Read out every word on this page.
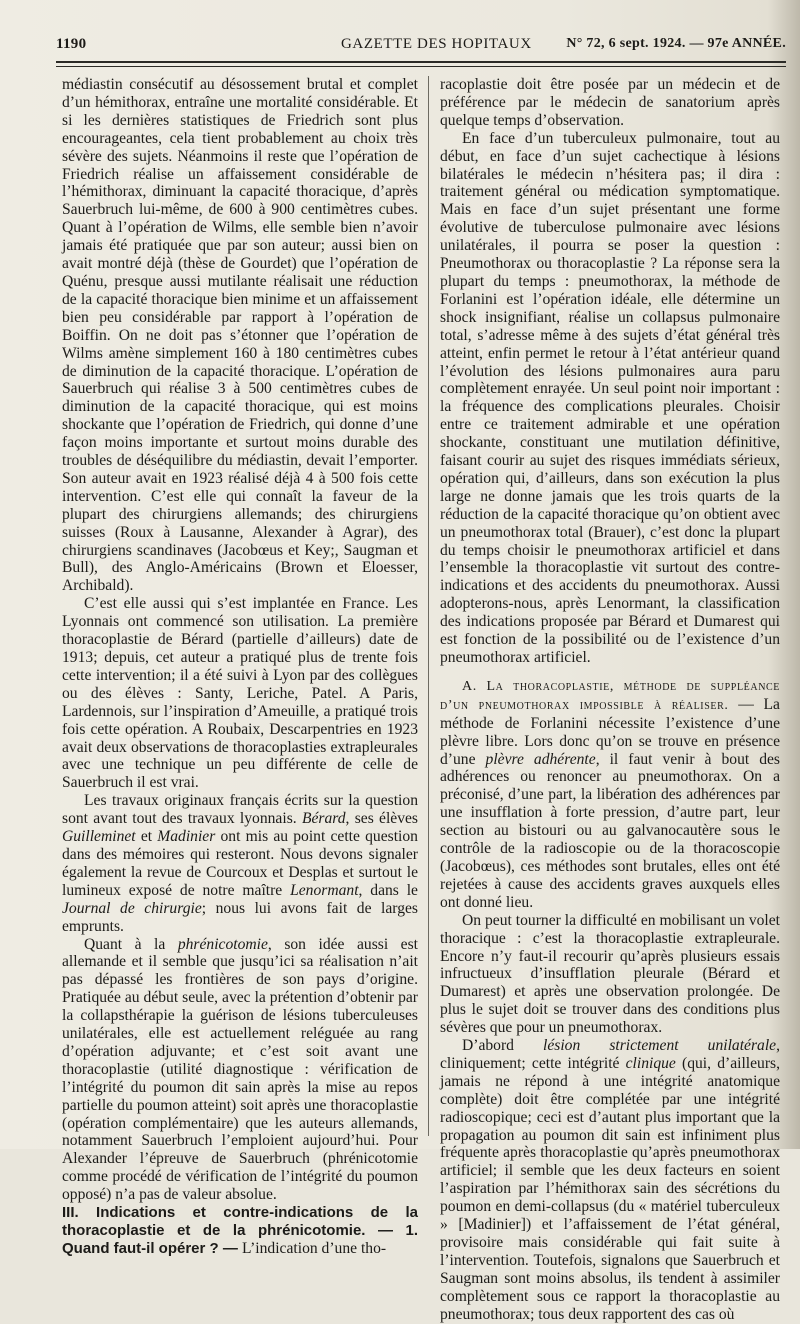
1190	GAZETTE DES HOPITAUX N° 72, 6 sept. 1924. — 97e ANNÉE.

médiastin consécutif au désossement brutal et complet d’un hémithorax, entraîne une mortalité considérable. Et si les dernières statistiques de Friedrich sont plus encourageantes, cela tient probablement au choix très sévère des sujets. Néanmoins il reste que l’opération de Friedrich réalise un affaissement considérable de l’hémithorax, diminuant la capacité thoracique, d’après Sauerbruch lui-même, de 600 à 900 centimètres cubes. Quant à l’opération de Wilms, elle semble bien n’avoir jamais été pratiquée que par son auteur; aussi bien on avait montré déjà (thèse de Gourdet) que l’opération de Quénu, presque aussi mutilante réalisait une réduction de la capacité thoracique bien minime et un affaissement bien peu considérable par rapport à l’opération de Boiffin. On ne doit pas s’étonner que l’opération de Wilms amène simplement 160 à 180 centimètres cubes de diminution de la capacité thoracique. L’opération de Sauerbruch qui réalise 3 à 500 centimètres cubes de diminution de la capacité thoracique, qui est moins shockante que l’opération de Friedrich, qui donne d’une façon moins importante et surtout moins durable des troubles de déséquilibre du médiastin, devait l’emporter. Son auteur avait en 1923 réalisé déjà 4 à 500 fois cette intervention. C’est elle qui connaît la faveur de la plupart des chirurgiens allemands; des chirurgiens suisses (Roux à Lausanne, Alexander à Agrar), des chirurgiens scandinaves (Jacobœus et Key;, Saugman et Bull), des Anglo-Américains (Brown et Eloesser, Archibald).

C’est elle aussi qui s’est implantée en France. Les Lyonnais ont commencé son utilisation. La première thoracoplastie de Bérard (partielle d’ailleurs) date de 1913; depuis, cet auteur a pratiqué plus de trente fois cette intervention; il a été suivi à Lyon par des collègues ou des élèves : Santy, Leriche, Patel. A Paris, Lardennois, sur l’inspiration d’Ameuille, a pratiqué trois fois cette opération. A Roubaix, Descarpentries en 1923 avait deux observations de thoracoplasties extrapleurales avec une technique un peu différente de celle de Sauerbruch il est vrai.

Les travaux originaux français écrits sur la question sont avant tout des travaux lyonnais. Bérard, ses élèves Guilleminet et Madinier ont mis au point cette question dans des mémoires qui resteront. Nous devons signaler également la revue de Courcoux et Desplas et surtout le lumineux exposé de notre maître Lenormant, dans le Journal de chirurgie; nous lui avons fait de larges emprunts.

Quant à la phrénicotomie, son idée aussi est allemande et il semble que jusqu’ici sa réalisation n’ait pas dépassé les frontières de son pays d’origine. Pratiquée au début seule, avec la prétention d’obtenir par la collapsthérapie la guérison de lésions tuberculeuses unilatérales, elle est actuellement reléguée au rang d’opération adjuvante; et c’est soit avant une thoracoplastie (utilité diagnostique : vérification de l’intégrité du poumon dit sain après la mise au repos partielle du poumon atteint) soit après une thoracoplastie (opération complémentaire) que les auteurs allemands, notamment Sauerbruch l’emploient aujourd’hui. Pour Alexander l’épreuve de Sauerbruch (phrénicotomie comme procédé de vérification de l’intégrité du poumon opposé) n’a pas de valeur absolue.

III. Indications et contre-indications de la thoracoplastie et de la phrénicotomie. — 1. Quand faut-il opérer ? — L’indication d’une tho-

racoplastie doit être posée par un médecin et de préférence par le médecin de sanatorium après quelque temps d’observation.

En face d’un tuberculeux pulmonaire, tout au début, en face d’un sujet cachectique à lésions bilatérales le médecin n’hésitera pas; il dira : traitement général ou médication symptomatique. Mais en face d’un sujet présentant une forme évolutive de tuberculose pulmonaire avec lésions unilatérales, il pourra se poser la question : Pneumothorax ou thoracoplastie ? La réponse sera la plupart du temps : pneumothorax, la méthode de Forlanini est l’opération idéale, elle détermine un shock insignifiant, réalise un collapsus pulmonaire total, s’adresse même à des sujets d’état général très atteint, enfin permet le retour à l’état antérieur quand l’évolution des lésions pulmonaires aura paru complètement enrayée. Un seul point noir important : la fréquence des complications pleurales. Choisir entre ce traitement admirable et une opération shockante, constituant une mutilation définitive, faisant courir au sujet des risques immédiats sérieux, opération qui, d’ailleurs, dans son exécution la plus large ne donne jamais que les trois quarts de la réduction de la capacité thoracique qu’on obtient avec un pneumothorax total (Brauer), c’est donc la plupart du temps choisir le pneumothorax artificiel et dans l’ensemble la thoracoplastie vit surtout des contre-indications et des accidents du pneumothorax. Aussi adopterons-nous, après Lenormant, la classification des indications proposée par Bérard et Dumarest qui est fonction de la possibilité ou de l’existence d’un pneumothorax artificiel.

A. La thoracoplastie, méthode de suppléance d’un pneumothorax impossible à réaliser. — La méthode de Forlanini nécessite l’existence d’une plèvre libre. Lors donc qu’on se trouve en présence d’une plèvre adhérente, il faut venir à bout des adhérences ou renoncer au pneumothorax. On a préconisé, d’une part, la libération des adhérences par une insufflation à forte pression, d’autre part, leur section au bistouri ou au galvanocautère sous le contrôle de la radioscopie ou de la thoracoscopie (Jacobœus), ces méthodes sont brutales, elles ont été rejetées à cause des accidents graves auxquels elles ont donné lieu.

On peut tourner la difficulté en mobilisant un volet thoracique : c’est la thoracoplastie extrapleurale. Encore n’y faut-il recourir qu’après plusieurs essais infructueux d’insufflation pleurale (Bérard et Dumarest) et après une observation prolongée. De plus le sujet doit se trouver dans des conditions plus sévères que pour un pneumothorax.

D’abord lésion strictement unilatérale, cliniquement; cette intégrité clinique (qui, d’ailleurs, jamais ne répond à une intégrité anatomique complète) doit être complétée par une intégrité radioscopique; ceci est d’autant plus important que la propagation au poumon dit sain est infiniment plus fréquente après thoracoplastie qu’après pneumothorax artificiel; il semble que les deux facteurs en soient l’aspiration par l’hémithorax sain des sécrétions du poumon en demi-collapsus (du « matériel tuberculeux » [Madinier]) et l’affaissement de l’état général, provisoire mais considérable qui fait suite à l’intervention. Toutefois, signalons que Sauerbruch et Saugman sont moins absolus, ils tendent à assimiler complètement sous ce rapport la thoracoplastie au pneumothorax; tous deux rapportent des cas où
